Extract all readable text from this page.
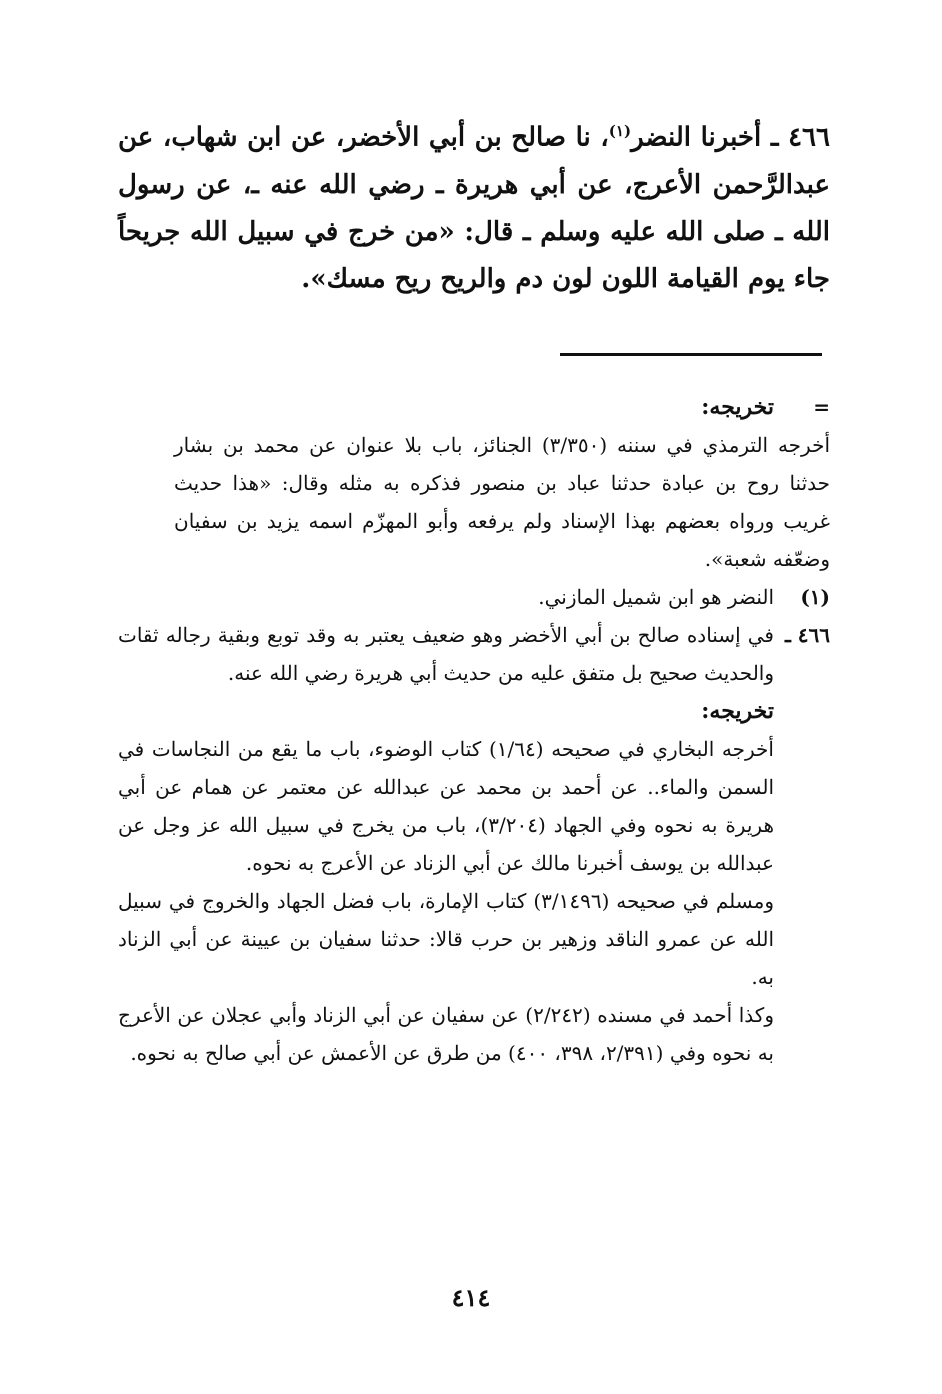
٤٦٦ ـ أخبرنا النضر$^{(١)}$، نا صالح بن أبي الأخضر، عن ابن شهاب، عن عبدالرَّحمن الأعرج، عن أبي هريرة ـ رضي الله عنه ـ، عن رسول الله ـ صلى الله عليه وسلم ـ قال: «من خرج في سبيل الله جريحاً جاء يوم القيامة اللون لون دم والريح ريح مسك».

=
تخريجه:

أخرجه الترمذي في سننه (٣/٣٥٠) الجنائز، باب بلا عنوان عن محمد بن بشار حدثنا روح بن عبادة حدثنا عباد بن منصور فذكره به مثله وقال: «هذا حديث غريب ورواه بعضهم بهذا الإسناد ولم يرفعه وأبو المهزّم اسمه يزيد بن سفيان وضعّفه شعبة».

(١)
النضر هو ابن شميل المازني.
٤٦٦ ـ

في إسناده صالح بن أبي الأخضر وهو ضعيف يعتبر به وقد توبع وبقية رجاله ثقات والحديث صحيح بل متفق عليه من حديث أبي هريرة رضي الله عنه.

تخريجه:

أخرجه البخاري في صحيحه (١/٦٤) كتاب الوضوء، باب ما يقع من النجاسات في السمن والماء.. عن أحمد بن محمد عن عبدالله عن معتمر عن همام عن أبي هريرة به نحوه وفي الجهاد (٣/٢٠٤)، باب من يخرج في سبيل الله عز وجل عن عبدالله بن يوسف أخبرنا مالك عن أبي الزناد عن الأعرج به نحوه.

ومسلم في صحيحه (٣/١٤٩٦) كتاب الإمارة، باب فضل الجهاد والخروج في سبيل الله عن عمرو الناقد وزهير بن حرب قالا: حدثنا سفيان بن عيينة عن أبي الزناد به.

وكذا أحمد في مسنده (٢/٢٤٢) عن سفيان عن أبي الزناد وأبي عجلان عن الأعرج به نحوه وفي (٢/٣٩١، ٣٩٨، ٤٠٠) من طرق عن الأعمش عن أبي صالح به نحوه.

٤١٤
